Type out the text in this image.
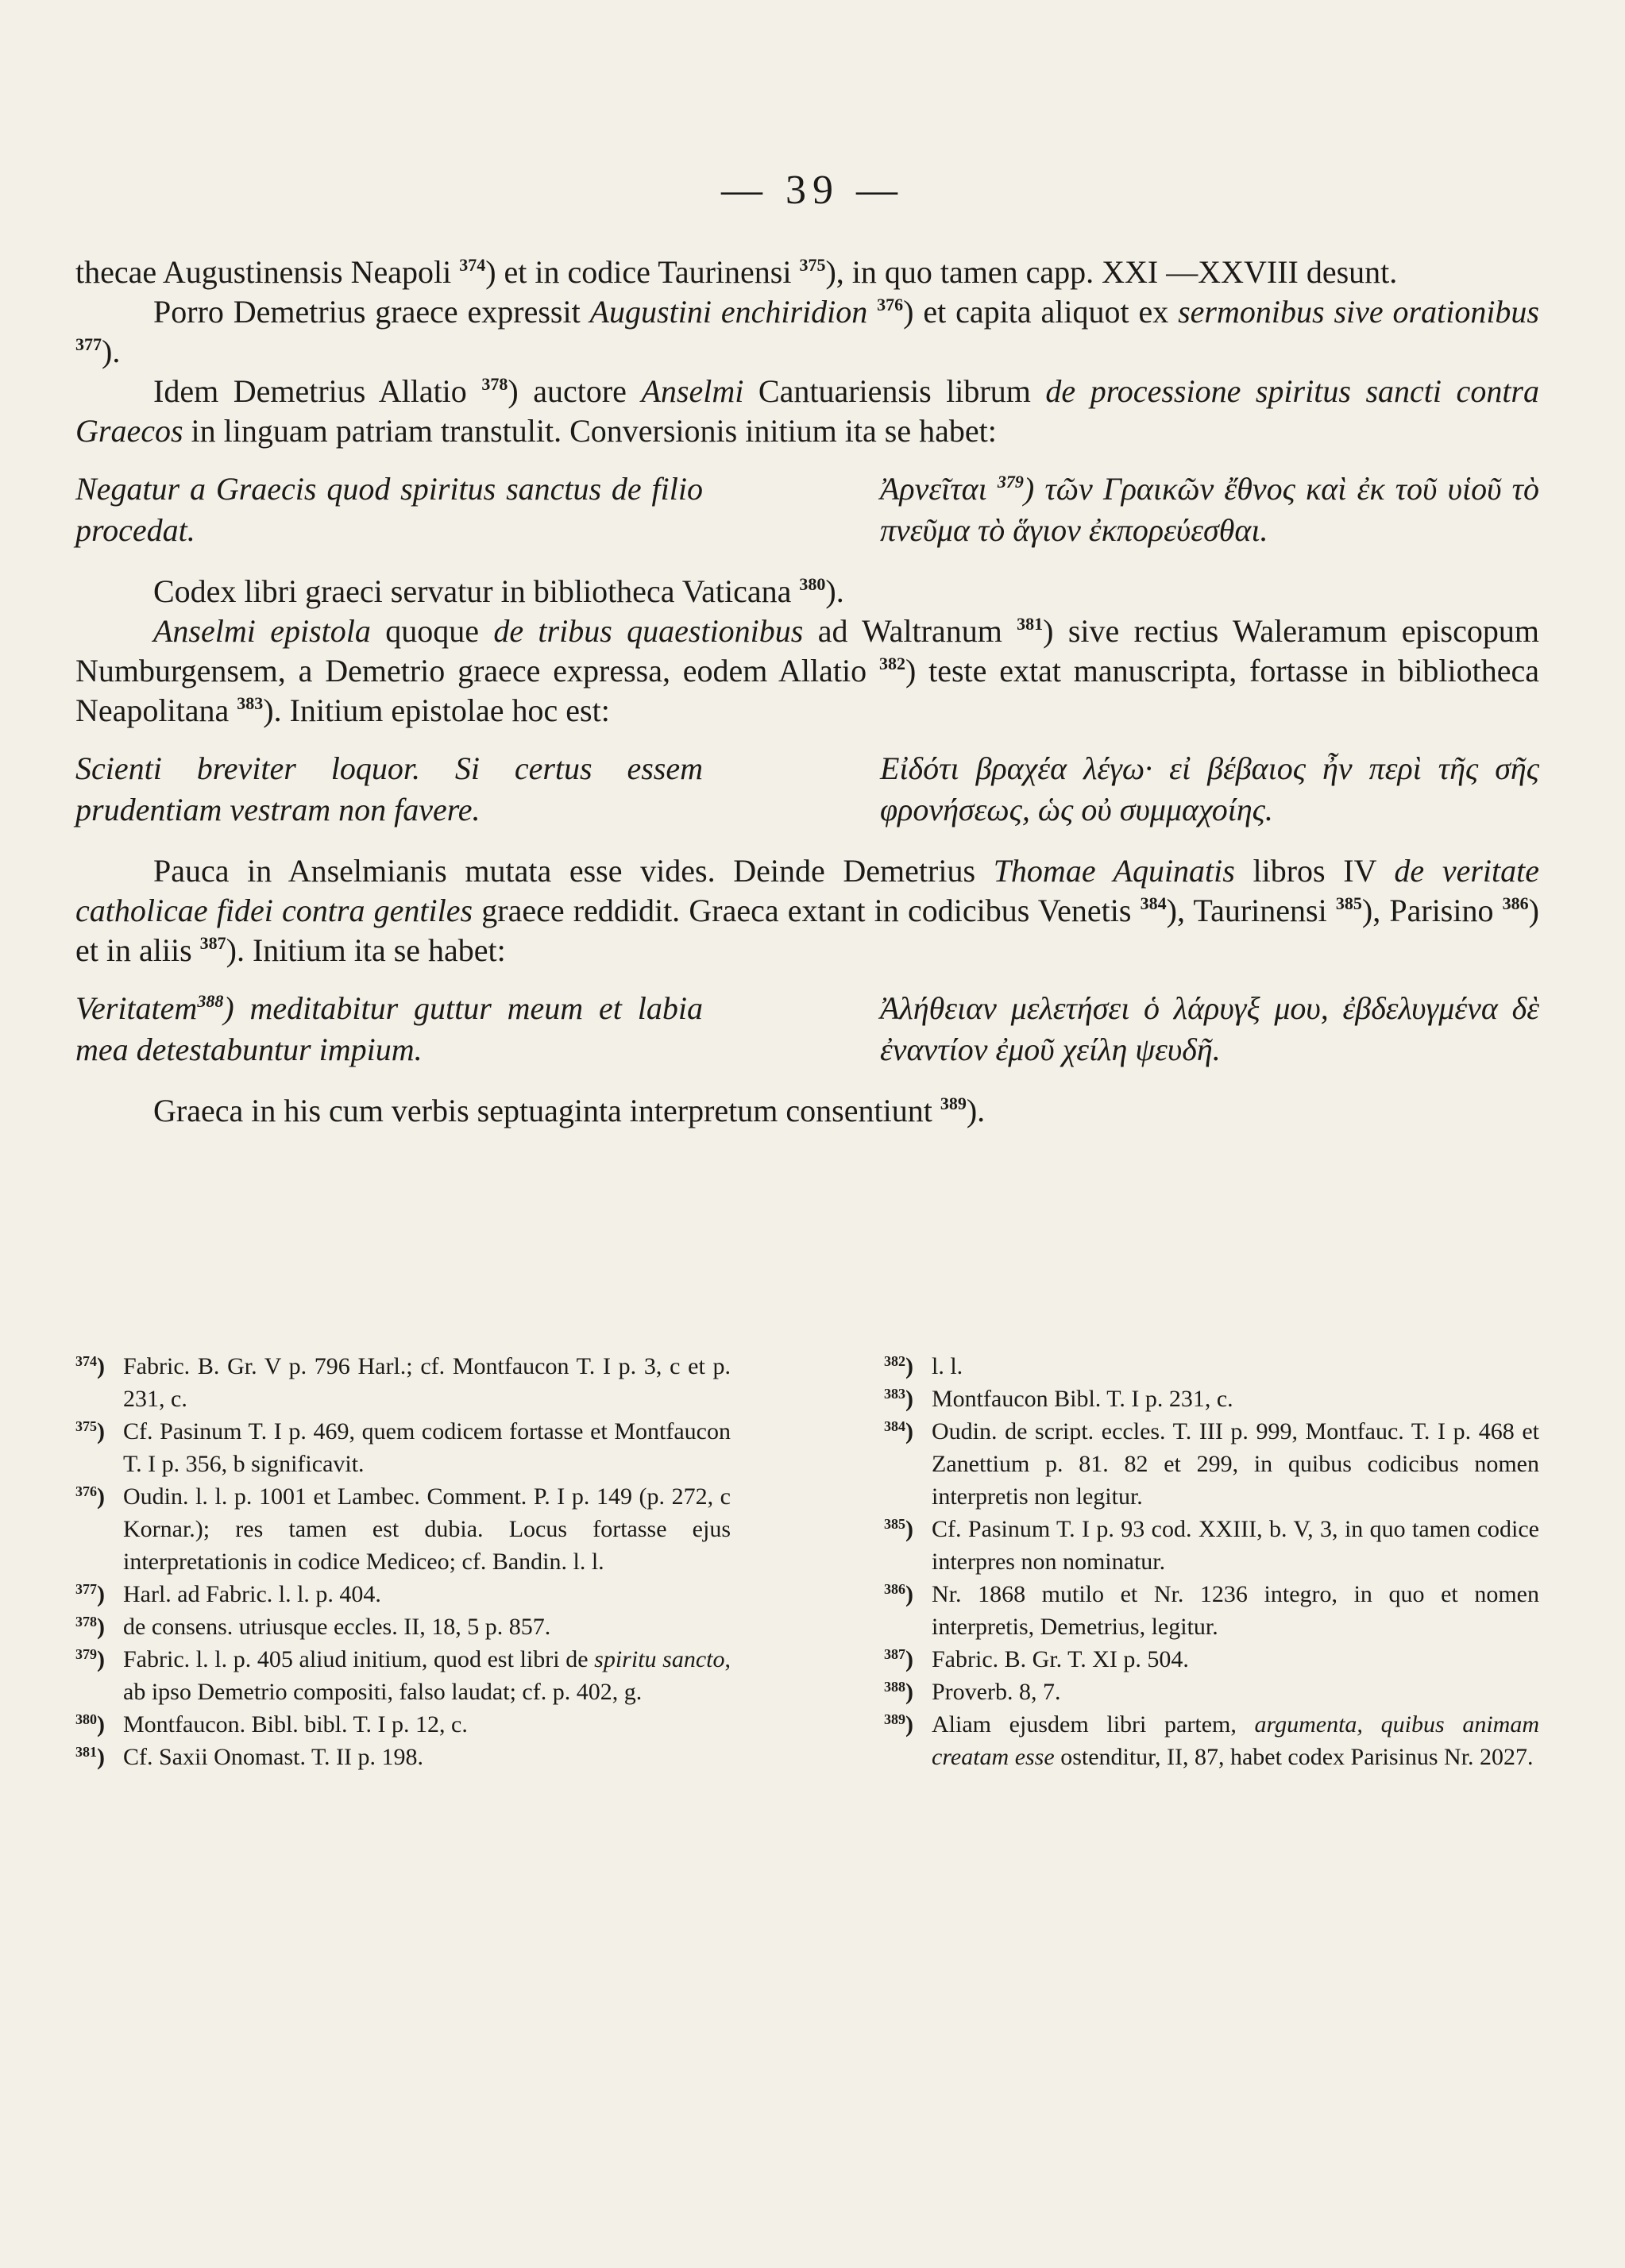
— 39 —

thecae Augustinensis Neapoli $^{374}$) et in codice Taurinensi $^{375}$), in quo tamen capp. XXI —XXVIII desunt.

Porro Demetrius graece expressit Augustini enchiridion $^{376}$) et capita aliquot ex sermonibus sive orationibus $^{377}$).

Idem Demetrius Allatio $^{378}$) auctore Anselmi Cantuariensis librum de processione spiritus sancti contra Graecos in linguam patriam transtulit. Conversionis initium ita se habet:

Negatur a Graecis quod spiritus sanctus de filio procedat.
Ἀρνεῖται $^{379}$) τῶν Γραικῶν ἔθνος καὶ ἐκ τοῦ υἱοῦ τὸ πνεῦμα τὸ ἅγιον ἐκπορεύεσθαι.

Codex libri graeci servatur in bibliotheca Vaticana $^{380}$).

Anselmi epistola quoque de tribus quaestionibus ad Waltranum $^{381}$) sive rectius Waleramum episcopum Numburgensem, a Demetrio graece expressa, eodem Allatio $^{382}$) teste extat manuscripta, fortasse in bibliotheca Neapolitana $^{383}$). Initium epistolae hoc est:

Scienti breviter loquor. Si certus essem prudentiam vestram non favere.
Εἰδότι βραχέα λέγω· εἰ βέβαιος ἦν περὶ τῆς σῆς φρονήσεως, ὡς οὐ συμμαχοίης.

Pauca in Anselmianis mutata esse vides. Deinde Demetrius Thomae Aquinatis libros IV de veritate catholicae fidei contra gentiles graece reddidit. Graeca extant in codicibus Venetis $^{384}$), Taurinensi $^{385}$), Parisino $^{386}$) et in aliis $^{387}$). Initium ita se habet:

Veritatem$^{388}$) meditabitur guttur meum et labia mea detestabuntur impium.
Ἀλήθειαν μελετήσει ὁ λάρυγξ μου, ἐβδελυγμένα δὲ ἐναντίον ἐμοῦ χείλη ψευδῆ.

Graeca in his cum verbis septuaginta interpretum consentiunt $^{389}$).

$^{374}$) Fabric. B. Gr. V p. 796 Harl.; cf. Montfaucon T. I p. 3, c et p. 231, c.

$^{375}$) Cf. Pasinum T. I p. 469, quem codicem fortasse et Montfaucon T. I p. 356, b significavit.

$^{376}$) Oudin. l. l. p. 1001 et Lambec. Comment. P. I p. 149 (p. 272, c Kornar.); res tamen est dubia. Locus fortasse ejus interpretationis in codice Mediceo; cf. Bandin. l. l.

$^{377}$) Harl. ad Fabric. l. l. p. 404.

$^{378}$) de consens. utriusque eccles. II, 18, 5 p. 857.

$^{379}$) Fabric. l. l. p. 405 aliud initium, quod est libri de spiritu sancto, ab ipso Demetrio compositi, falso laudat; cf. p. 402, g.

$^{380}$) Montfaucon. Bibl. bibl. T. I p. 12, c.

$^{381}$) Cf. Saxii Onomast. T. II p. 198.

$^{382}$) l. l.

$^{383}$) Montfaucon Bibl. T. I p. 231, c.

$^{384}$) Oudin. de script. eccles. T. III p. 999, Montfauc. T. I p. 468 et Zanettium p. 81. 82 et 299, in quibus codicibus nomen interpretis non legitur.

$^{385}$) Cf. Pasinum T. I p. 93 cod. XXIII, b. V, 3, in quo tamen codice interpres non nominatur.

$^{386}$) Nr. 1868 mutilo et Nr. 1236 integro, in quo et nomen interpretis, Demetrius, legitur.

$^{387}$) Fabric. B. Gr. T. XI p. 504.

$^{388}$) Proverb. 8, 7.

$^{389}$) Aliam ejusdem libri partem, argumenta, quibus animam creatam esse ostenditur, II, 87, habet codex Parisinus Nr. 2027.
